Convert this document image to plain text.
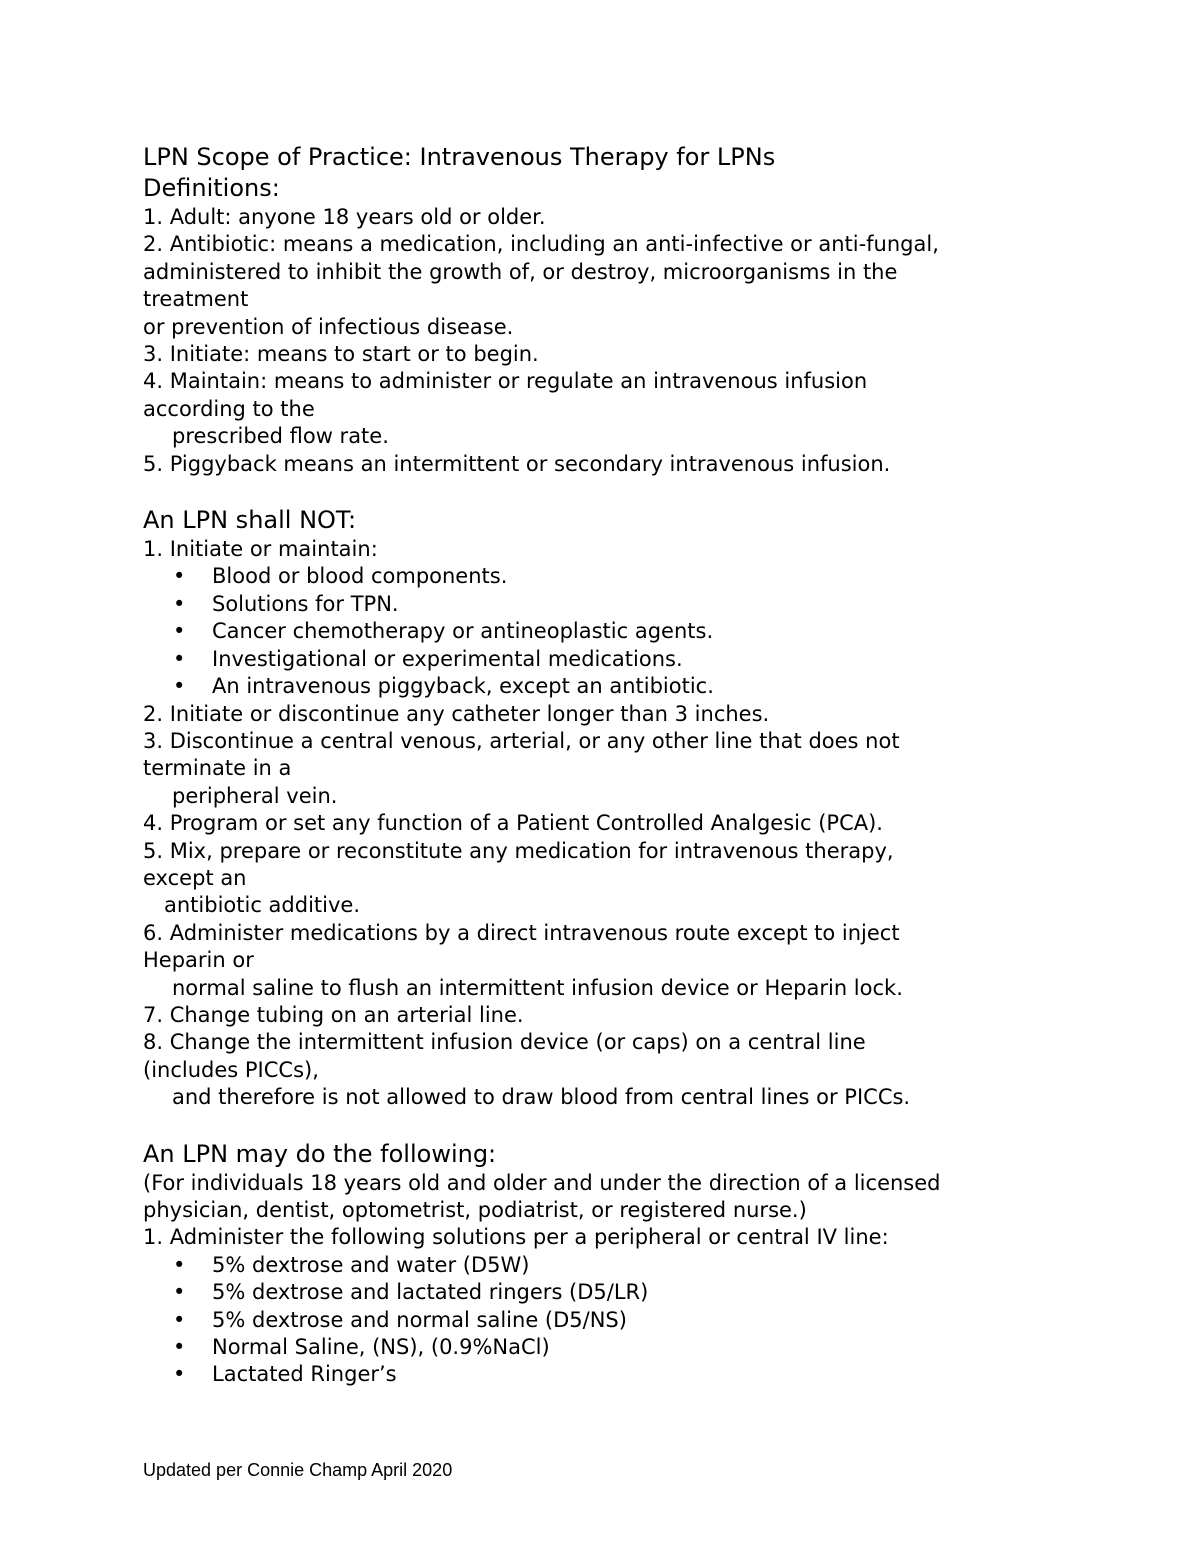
LPN Scope of Practice: Intravenous Therapy for LPNs
Definitions:

1. Adult: anyone 18 years old or older.

2. Antibiotic: means a medication, including an anti-infective or anti-fungal,

administered to inhibit the growth of, or destroy, microorganisms in the

treatment

or prevention of infectious disease.

3. Initiate: means to start or to begin.

4. Maintain: means to administer or regulate an intravenous infusion

according to the

prescribed flow rate.

5. Piggyback means an intermittent or secondary intravenous infusion.

An LPN shall NOT:

1. Initiate or maintain:

• Blood or blood components.

• Solutions for TPN.

• Cancer chemotherapy or antineoplastic agents.

• Investigational or experimental medications.

• An intravenous piggyback, except an antibiotic.

2. Initiate or discontinue any catheter longer than 3 inches.

3. Discontinue a central venous, arterial, or any other line that does not

terminate in a

peripheral vein.

4. Program or set any function of a Patient Controlled Analgesic (PCA).

5. Mix, prepare or reconstitute any medication for intravenous therapy,

except an

antibiotic additive.

6. Administer medications by a direct intravenous route except to inject

Heparin or

normal saline to flush an intermittent infusion device or Heparin lock.

7. Change tubing on an arterial line.

8. Change the intermittent infusion device (or caps) on a central line

(includes PICCs),

and therefore is not allowed to draw blood from central lines or PICCs.

An LPN may do the following:

(For individuals 18 years old and older and under the direction of a licensed

physician, dentist, optometrist, podiatrist, or registered nurse.)

1. Administer the following solutions per a peripheral or central IV line:

• 5% dextrose and water (D5W)

• 5% dextrose and lactated ringers (D5/LR)

• 5% dextrose and normal saline (D5/NS)

• Normal Saline, (NS), (0.9%NaCl)

• Lactated Ringer’s

Updated per Connie Champ April 2020
